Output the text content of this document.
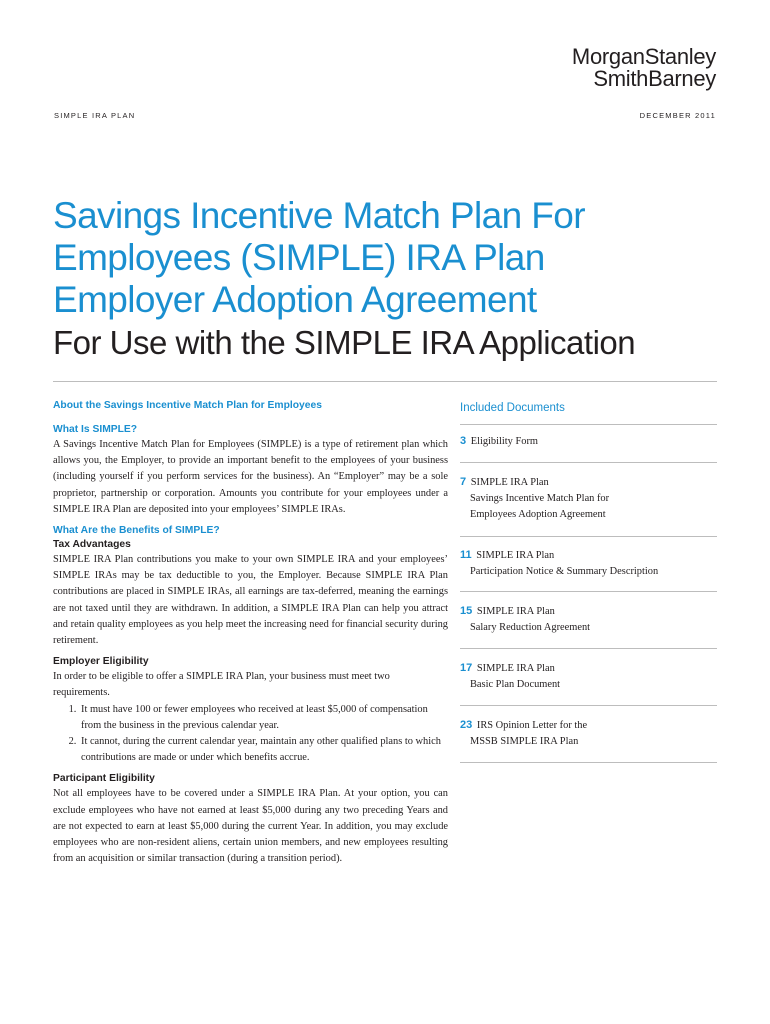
MorganStanley
SmithBarney
SIMPLE IRA PLAN	DECEMBER 2011
Savings Incentive Match Plan For
Employees (SIMPLE) IRA Plan
Employer Adoption Agreement
For Use with the SIMPLE IRA Application

About the Savings Incentive Match Plan for Employees

What Is SIMPLE?

A Savings Incentive Match Plan for Employees (SIMPLE) is a type of retirement plan which allows you, the Employer, to provide an important benefit to the employees of your business (including yourself if you perform services for the business). An “Employer” may be a sole proprietor, partnership or corporation. Amounts you contribute for your employees under a SIMPLE IRA Plan are deposited into your employees’ SIMPLE IRAs.

What Are the Benefits of SIMPLE?

Tax Advantages

SIMPLE IRA Plan contributions you make to your own SIMPLE IRA and your employees’ SIMPLE IRAs may be tax deductible to you, the Employer. Because SIMPLE IRA Plan contributions are placed in SIMPLE IRAs, all earnings are tax-deferred, meaning the earnings are not taxed until they are withdrawn. In addition, a SIMPLE IRA Plan can help you attract and retain quality employees as you help meet the increasing need for financial security during retirement.

Employer Eligibility

In order to be eligible to offer a SIMPLE IRA Plan, your business must meet two requirements.

1. It must have 100 or fewer employees who received at least $5,000 of compensation from the business in the previous calendar year.
2. It cannot, during the current calendar year, maintain any other qualified plans to which contributions are made or under which benefits accrue.

Participant Eligibility

Not all employees have to be covered under a SIMPLE IRA Plan. At your option, you can exclude employees who have not earned at least $5,000 during any two preceding Years and are not expected to earn at least $5,000 during the current Year. In addition, you may exclude employees who are non-resident aliens, certain union members, and new employees resulting from an acquisition or similar transaction (during a transition period).

Included Documents

3 Eligibility Form
7 SIMPLE IRA Plan
Savings Incentive Match Plan for
Employees Adoption Agreement
11 SIMPLE IRA Plan
Participation Notice & Summary Description
15 SIMPLE IRA Plan
Salary Reduction Agreement
17 SIMPLE IRA Plan
Basic Plan Document
23 IRS Opinion Letter for the
MSSB SIMPLE IRA Plan
